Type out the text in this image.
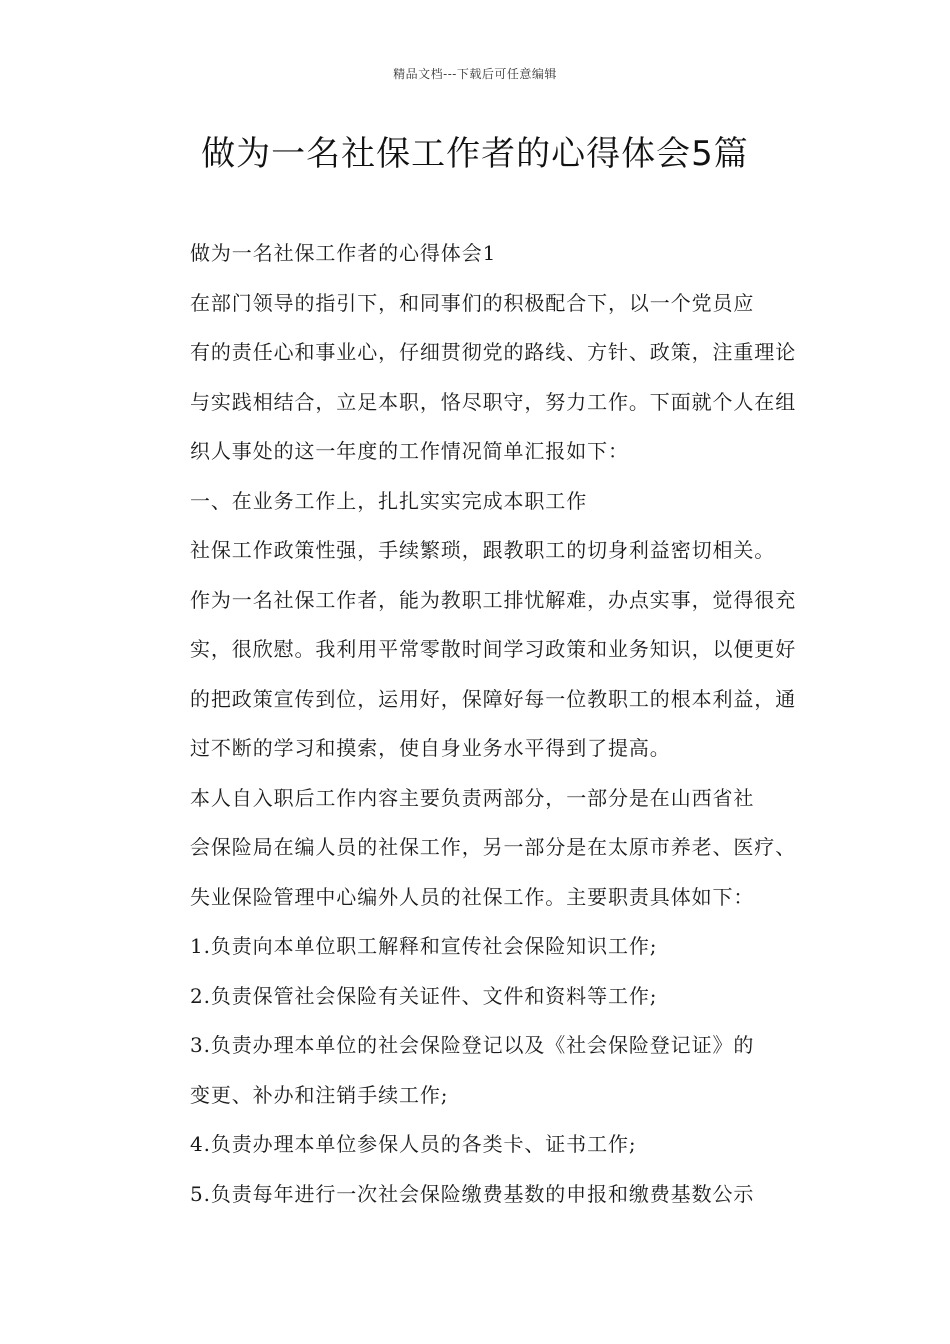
精品文档---下载后可任意编辑
做为一名社保工作者的心得体会5篇

做为一名社保工作者的心得体会1

在部门领导的指引下，和同事们的积极配合下，以一个党员应
有的责任心和事业心，仔细贯彻党的路线、方针、政策，注重理论
与实践相结合，立足本职，恪尽职守，努力工作。下面就个人在组
织人事处的这一年度的工作情况简单汇报如下：

一、在业务工作上，扎扎实实完成本职工作

社保工作政策性强，手续繁琐，跟教职工的切身利益密切相关。
作为一名社保工作者，能为教职工排忧解难，办点实事，觉得很充
实，很欣慰。我利用平常零散时间学习政策和业务知识，以便更好
的把政策宣传到位，运用好，保障好每一位教职工的根本利益，通
过不断的学习和摸索，使自身业务水平得到了提高。

本人自入职后工作内容主要负责两部分，一部分是在山西省社
会保险局在编人员的社保工作，另一部分是在太原市养老、医疗、
失业保险管理中心编外人员的社保工作。主要职责具体如下：

1.负责向本单位职工解释和宣传社会保险知识工作;

2.负责保管社会保险有关证件、文件和资料等工作;

3.负责办理本单位的社会保险登记以及《社会保险登记证》的
变更、补办和注销手续工作;

4.负责办理本单位参保人员的各类卡、证书工作;

5.负责每年进行一次社会保险缴费基数的申报和缴费基数公示
